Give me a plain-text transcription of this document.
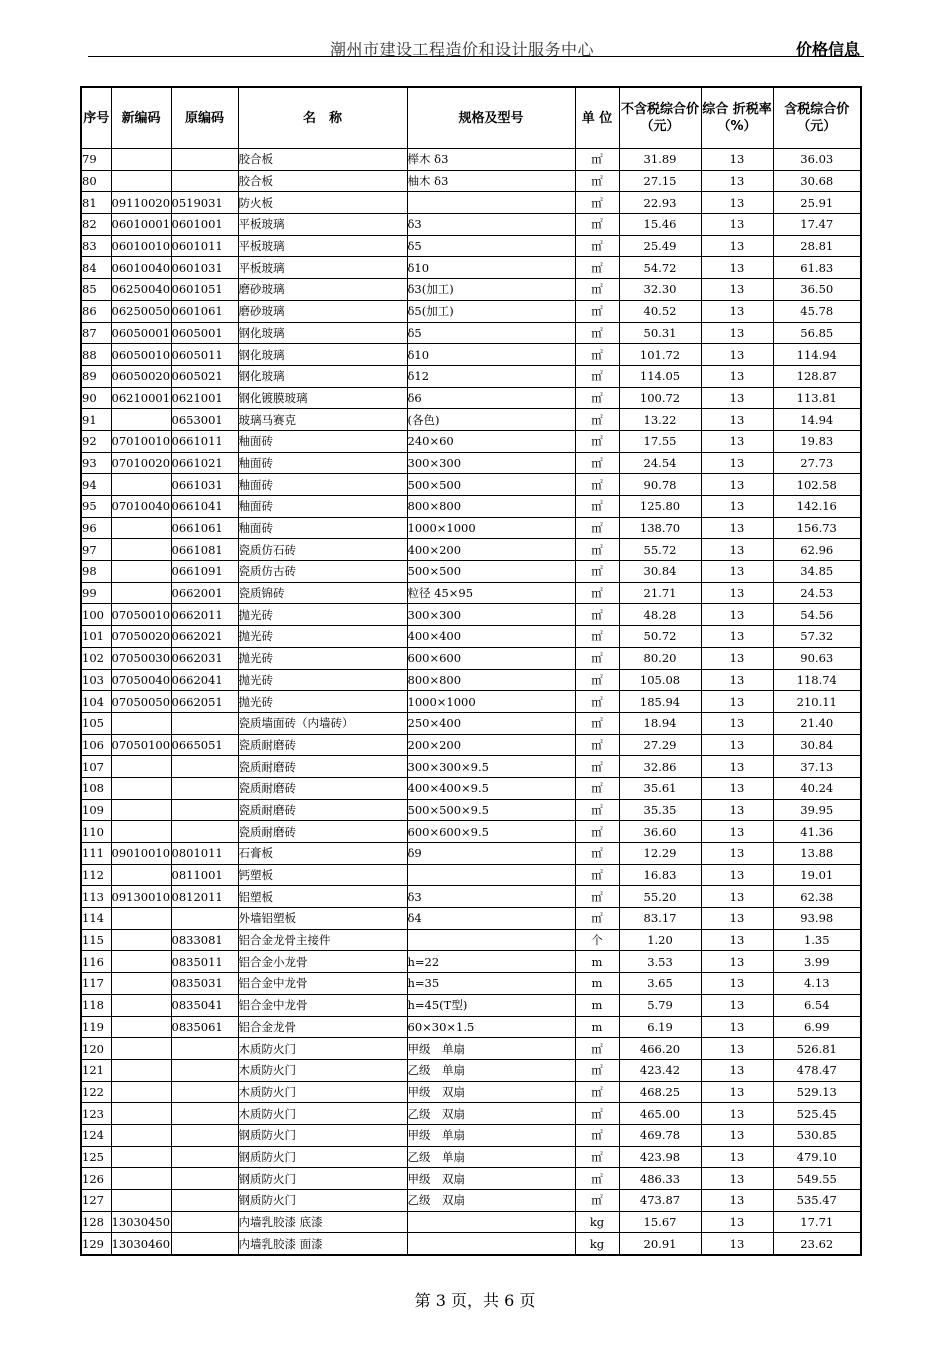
潮州市建设工程造价和设计服务中心	价格信息
序号	新编码	原编码	名　称	规格及型号	单 位	不含税综合价（元）	综合 折税率（%）	含税综合价（元）
79			胶合板	榉木 δ3	㎡	31.89	13	36.03
80			胶合板	柚木 δ3	㎡	27.15	13	30.68
81	09110020	0519031	防火板		㎡	22.93	13	25.91
82	06010001	0601001	平板玻璃	δ3	㎡	15.46	13	17.47
83	06010010	0601011	平板玻璃	δ5	㎡	25.49	13	28.81
84	06010040	0601031	平板玻璃	δ10	㎡	54.72	13	61.83
85	06250040	0601051	磨砂玻璃	δ3(加工)	㎡	32.30	13	36.50
86	06250050	0601061	磨砂玻璃	δ5(加工)	㎡	40.52	13	45.78
87	06050001	0605001	钢化玻璃	δ5	㎡	50.31	13	56.85
88	06050010	0605011	钢化玻璃	δ10	㎡	101.72	13	114.94
89	06050020	0605021	钢化玻璃	δ12	㎡	114.05	13	128.87
90	06210001	0621001	钢化镀膜玻璃	δ6	㎡	100.72	13	113.81
91		0653001	玻璃马赛克	(各色)	㎡	13.22	13	14.94
92	07010010	0661011	釉面砖	240×60	㎡	17.55	13	19.83
93	07010020	0661021	釉面砖	300×300	㎡	24.54	13	27.73
94		0661031	釉面砖	500×500	㎡	90.78	13	102.58
95	07010040	0661041	釉面砖	800×800	㎡	125.80	13	142.16
96		0661061	釉面砖	1000×1000	㎡	138.70	13	156.73
97		0661081	瓷质仿石砖	400×200	㎡	55.72	13	62.96
98		0661091	瓷质仿古砖	500×500	㎡	30.84	13	34.85
99		0662001	瓷质锦砖	粒径 45×95	㎡	21.71	13	24.53
100	07050010	0662011	抛光砖	300×300	㎡	48.28	13	54.56
101	07050020	0662021	抛光砖	400×400	㎡	50.72	13	57.32
102	07050030	0662031	抛光砖	600×600	㎡	80.20	13	90.63
103	07050040	0662041	抛光砖	800×800	㎡	105.08	13	118.74
104	07050050	0662051	抛光砖	1000×1000	㎡	185.94	13	210.11
105			瓷质墙面砖（内墙砖）	250×400	㎡	18.94	13	21.40
106	07050100	0665051	瓷质耐磨砖	200×200	㎡	27.29	13	30.84
107			瓷质耐磨砖	300×300×9.5	㎡	32.86	13	37.13
108			瓷质耐磨砖	400×400×9.5	㎡	35.61	13	40.24
109			瓷质耐磨砖	500×500×9.5	㎡	35.35	13	39.95
110			瓷质耐磨砖	600×600×9.5	㎡	36.60	13	41.36
111	09010010	0801011	石膏板	δ9	㎡	12.29	13	13.88
112		0811001	钙塑板		㎡	16.83	13	19.01
113	09130010	0812011	铝塑板	δ3	㎡	55.20	13	62.38
114			外墙铝塑板	δ4	㎡	83.17	13	93.98
115		0833081	铝合金龙骨主接件		个	1.20	13	1.35
116		0835011	铝合金小龙骨	h=22	m	3.53	13	3.99
117		0835031	铝合金中龙骨	h=35	m	3.65	13	4.13
118		0835041	铝合金中龙骨	h=45(T型)	m	5.79	13	6.54
119		0835061	铝合金龙骨	60×30×1.5	m	6.19	13	6.99
120			木质防火门	甲级　单扇	㎡	466.20	13	526.81
121			木质防火门	乙级　单扇	㎡	423.42	13	478.47
122			木质防火门	甲级　双扇	㎡	468.25	13	529.13
123			木质防火门	乙级　双扇	㎡	465.00	13	525.45
124			钢质防火门	甲级　单扇	㎡	469.78	13	530.85
125			钢质防火门	乙级　单扇	㎡	423.98	13	479.10
126			钢质防火门	甲级　双扇	㎡	486.33	13	549.55
127			钢质防火门	乙级　双扇	㎡	473.87	13	535.47
128	13030450		内墙乳胶漆 底漆		kg	15.67	13	17.71
129	13030460		内墙乳胶漆 面漆		kg	20.91	13	23.62
第 3 页，共 6 页
